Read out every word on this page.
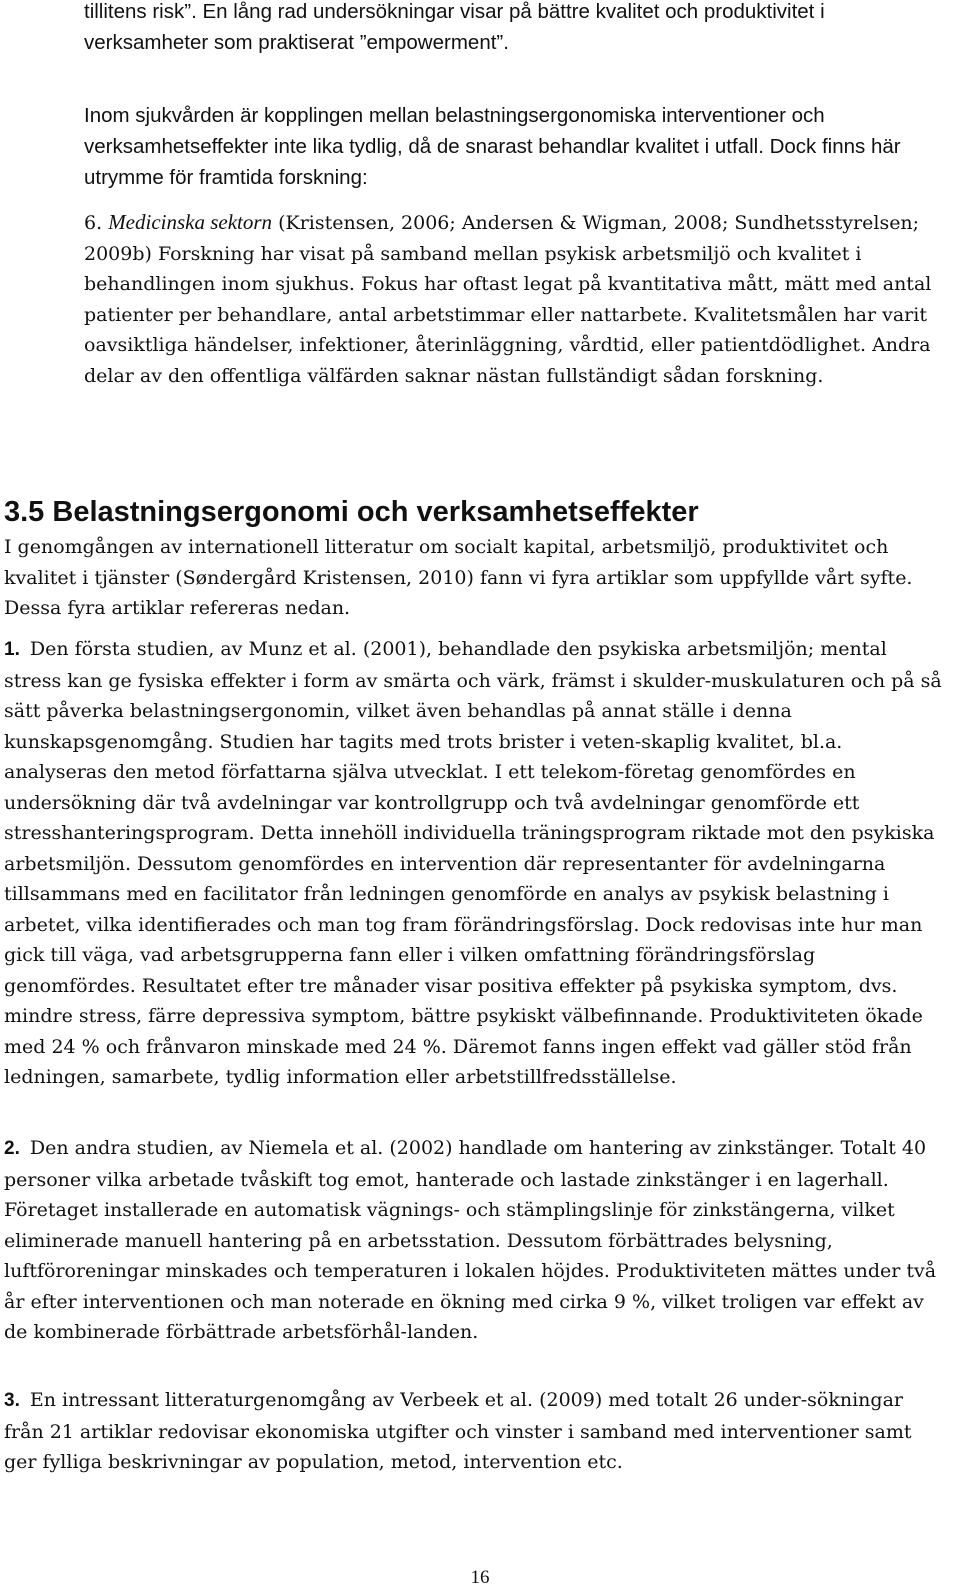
tillitens risk”. En lång rad undersökningar visar på bättre kvalitet och produktivitet i verksamheter som praktiserat ”empowerment”.

Inom sjukvården är kopplingen mellan belastningsergonomiska interventioner och verksamhetseffekter inte lika tydlig, då de snarast behandlar kvalitet i utfall. Dock finns här utrymme för framtida forskning:

6. Medicinska sektorn (Kristensen, 2006; Andersen & Wigman, 2008; Sundhetsstyrelsen; 2009b) Forskning har visat på samband mellan psykisk arbetsmiljö och kvalitet i behandlingen inom sjukhus. Fokus har oftast legat på kvantitativa mått, mätt med antal patienter per behandlare, antal arbetstimmar eller nattarbete. Kvalitetsmålen har varit oavsiktliga händelser, infektioner, återinläggning, vårdtid, eller patientdödlighet. Andra delar av den offentliga välfärden saknar nästan fullständigt sådan forskning.
3.5 Belastningsergonomi och verksamhetseffekter

I genomgången av internationell litteratur om socialt kapital, arbetsmiljö, produktivitet och kvalitet i tjänster (Søndergård Kristensen, 2010) fann vi fyra artiklar som uppfyllde vårt syfte. Dessa fyra artiklar refereras nedan.

1. Den första studien, av Munz et al. (2001), behandlade den psykiska arbetsmiljön; mental stress kan ge fysiska effekter i form av smärta och värk, främst i skulder-muskulaturen och på så sätt påverka belastningsergonomin, vilket även behandlas på annat ställe i denna kunskapsgenomgång. Studien har tagits med trots brister i veten-skaplig kvalitet, bl.a. analyseras den metod författarna själva utvecklat. I ett telekom-företag genomfördes en undersökning där två avdelningar var kontrollgrupp och två avdelningar genomförde ett stresshanteringsprogram. Detta innehöll individuella träningsprogram riktade mot den psykiska arbetsmiljön. Dessutom genomfördes en intervention där representanter för avdelningarna tillsammans med en facilitator från ledningen genomförde en analys av psykisk belastning i arbetet, vilka identifierades och man tog fram förändringsförslag. Dock redovisas inte hur man gick till väga, vad arbetsgrupperna fann eller i vilken omfattning förändringsförslag genomfördes. Resultatet efter tre månader visar positiva effekter på psykiska symptom, dvs. mindre stress, färre depressiva symptom, bättre psykiskt välbefinnande. Produktiviteten ökade med 24 % och frånvaron minskade med 24 %. Däremot fanns ingen effekt vad gäller stöd från ledningen, samarbete, tydlig information eller arbetstillfredsställelse.
2. Den andra studien, av Niemela et al. (2002) handlade om hantering av zinkstänger. Totalt 40 personer vilka arbetade tvåskift tog emot, hanterade och lastade zinkstänger i en lagerhall. Företaget installerade en automatisk vägnings- och stämplingslinje för zinkstängerna, vilket eliminerade manuell hantering på en arbetsstation. Dessutom förbättrades belysning, luftföroreningar minskades och temperaturen i lokalen höjdes. Produktiviteten mättes under två år efter interventionen och man noterade en ökning med cirka 9 %, vilket troligen var effekt av de kombinerade förbättrade arbetsförhål-landen.
3. En intressant litteraturgenomgång av Verbeek et al. (2009) med totalt 26 under-sökningar från 21 artiklar redovisar ekonomiska utgifter och vinster i samband med interventioner samt ger fylliga beskrivningar av population, metod, intervention etc.
16
